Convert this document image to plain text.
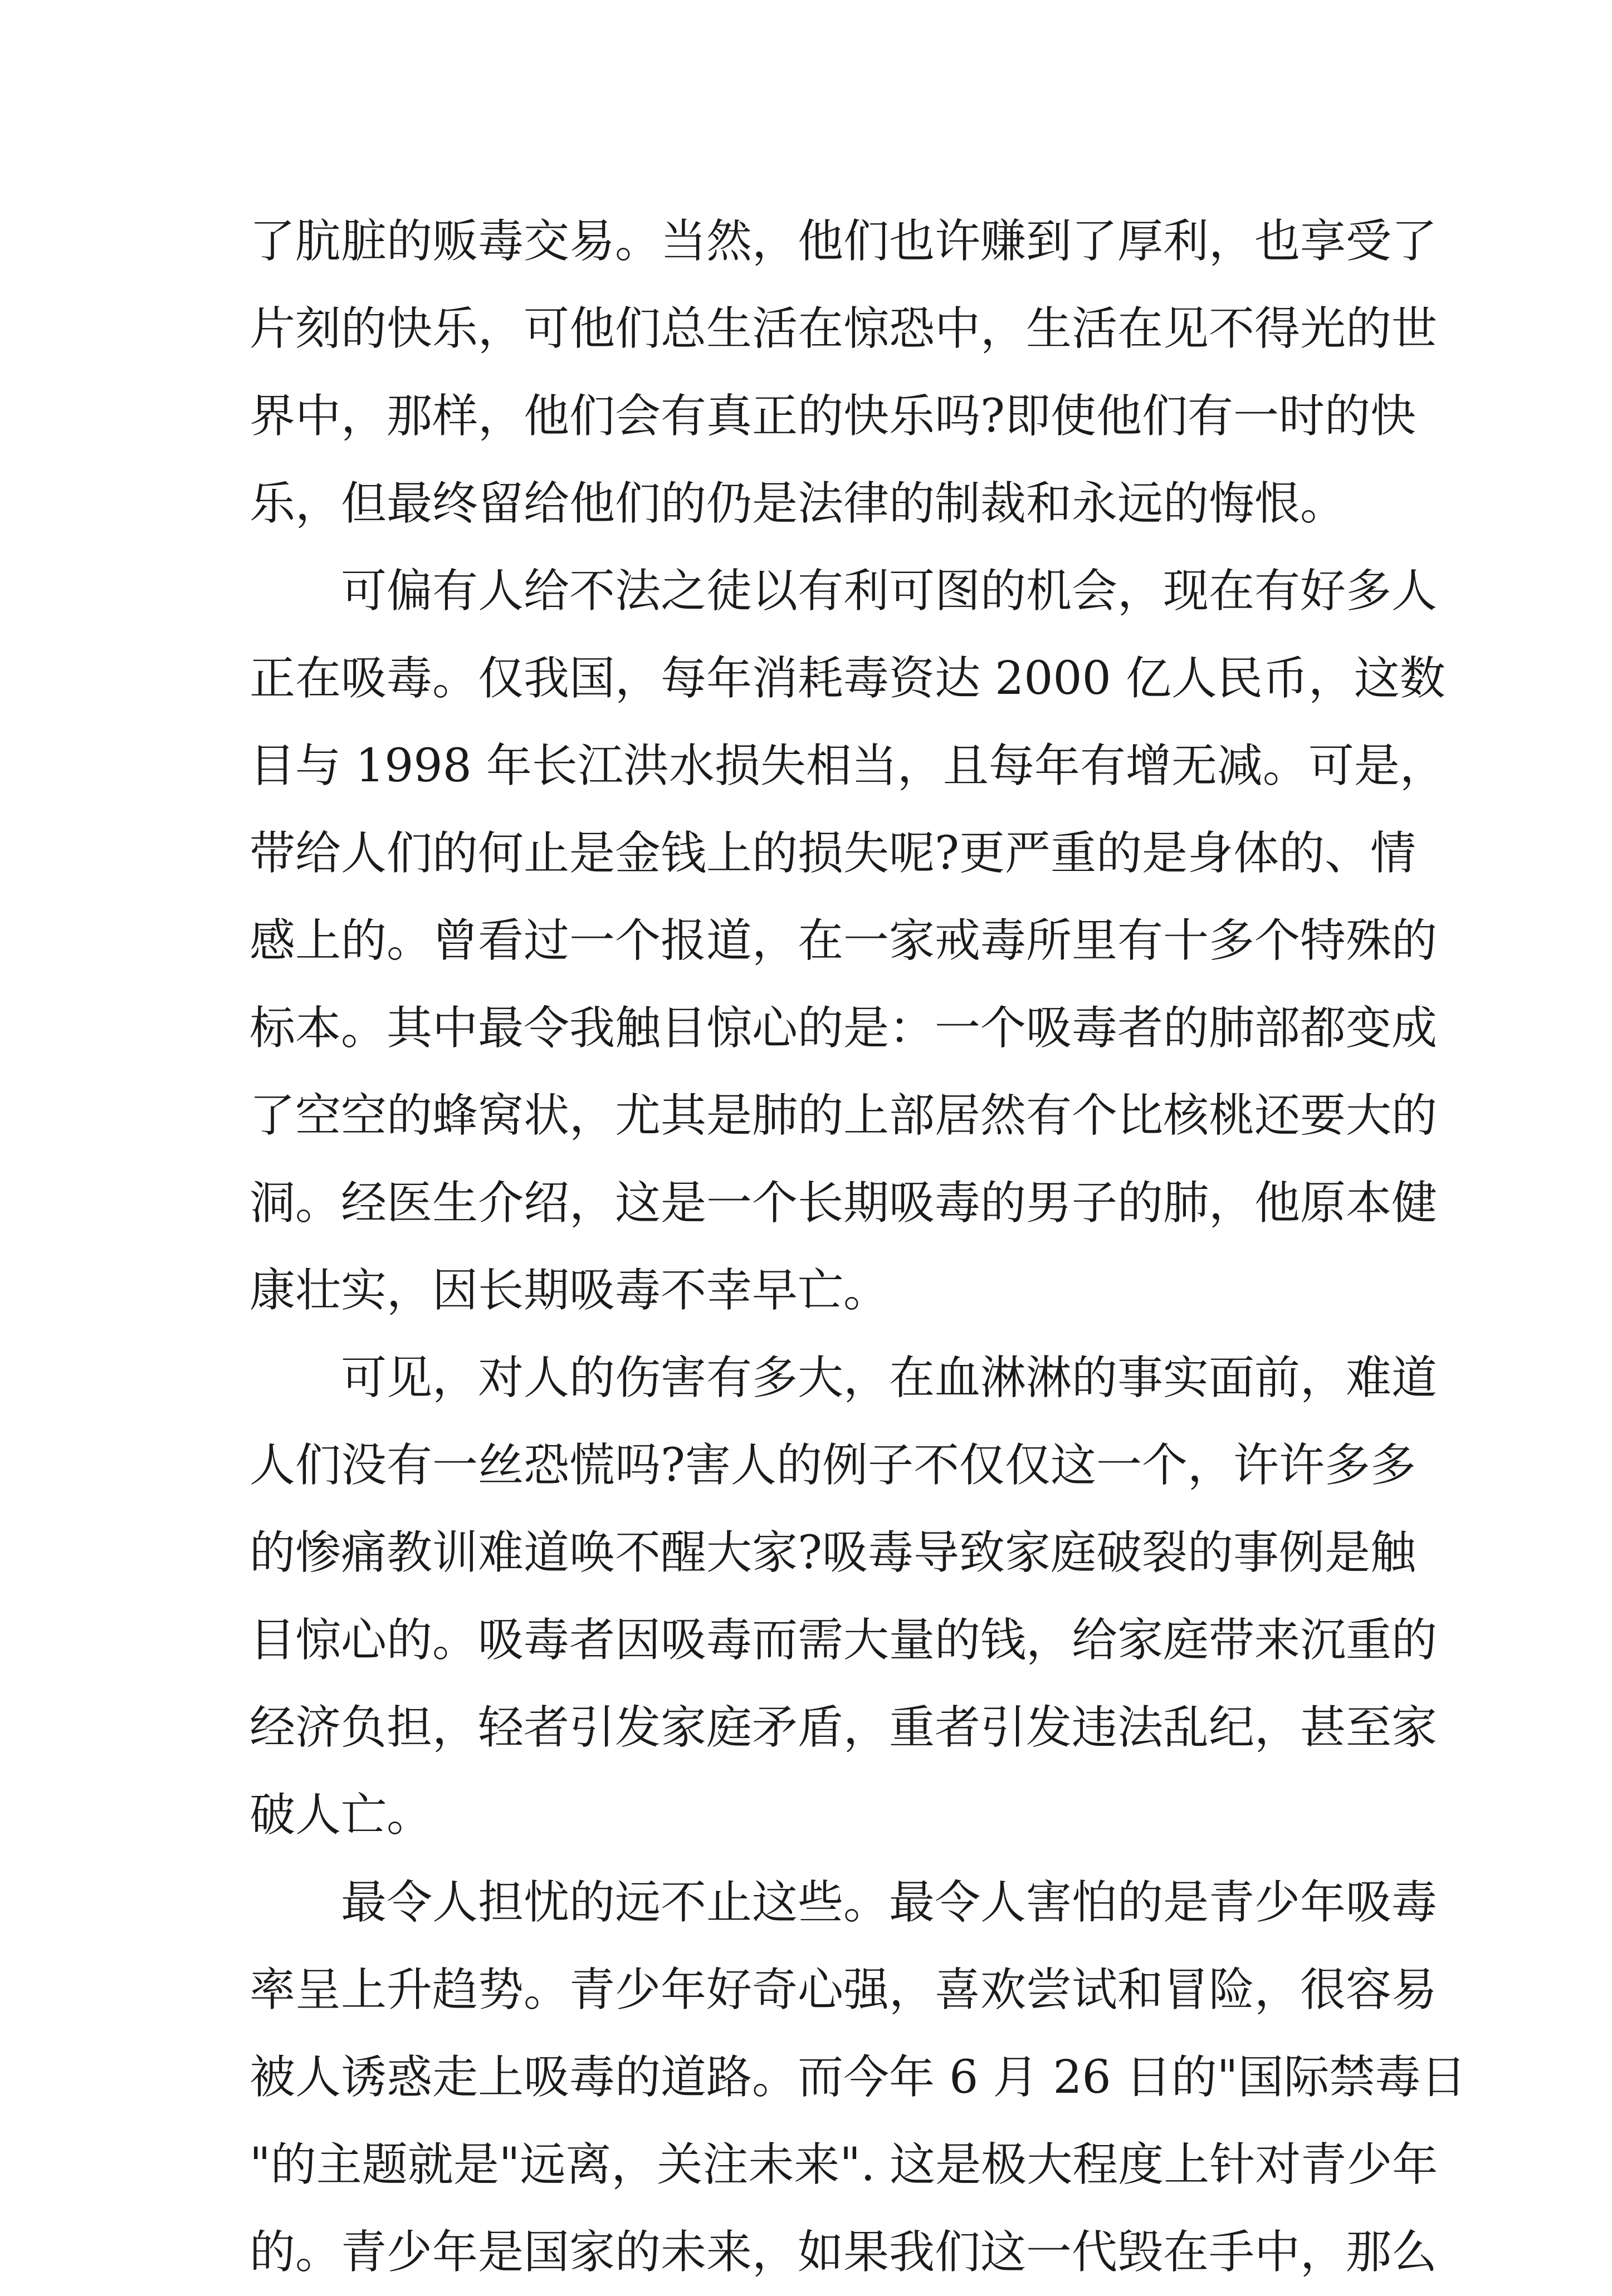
了肮脏的贩毒交易。当然，他们也许赚到了厚利，也享受了
片刻的快乐，可他们总生活在惊恐中，生活在见不得光的世
界中，那样，他们会有真正的快乐吗?即使他们有一时的快
乐，但最终留给他们的仍是法律的制裁和永远的悔恨。
可偏有人给不法之徒以有利可图的机会，现在有好多人
正在吸毒。仅我国，每年消耗毒资达 2000 亿人民币，这数
目与 1998 年长江洪水损失相当，且每年有增无减。可是，
带给人们的何止是金钱上的损失呢?更严重的是身体的、情
感上的。曾看过一个报道，在一家戒毒所里有十多个特殊的
标本。其中最令我触目惊心的是：一个吸毒者的肺部都变成
了空空的蜂窝状，尤其是肺的上部居然有个比核桃还要大的
洞。经医生介绍，这是一个长期吸毒的男子的肺，他原本健
康壮实，因长期吸毒不幸早亡。
可见，对人的伤害有多大，在血淋淋的事实面前，难道
人们没有一丝恐慌吗?害人的例子不仅仅这一个，许许多多
的惨痛教训难道唤不醒大家?吸毒导致家庭破裂的事例是触
目惊心的。吸毒者因吸毒而需大量的钱，给家庭带来沉重的
经济负担，轻者引发家庭矛盾，重者引发违法乱纪，甚至家
破人亡。
最令人担忧的远不止这些。最令人害怕的是青少年吸毒
率呈上升趋势。青少年好奇心强，喜欢尝试和冒险，很容易
被人诱惑走上吸毒的道路。而今年 6 月 26 日的"国际禁毒日
"的主题就是"远离，关注未来". 这是极大程度上针对青少年
的。青少年是国家的未来，如果我们这一代毁在手中，那么
